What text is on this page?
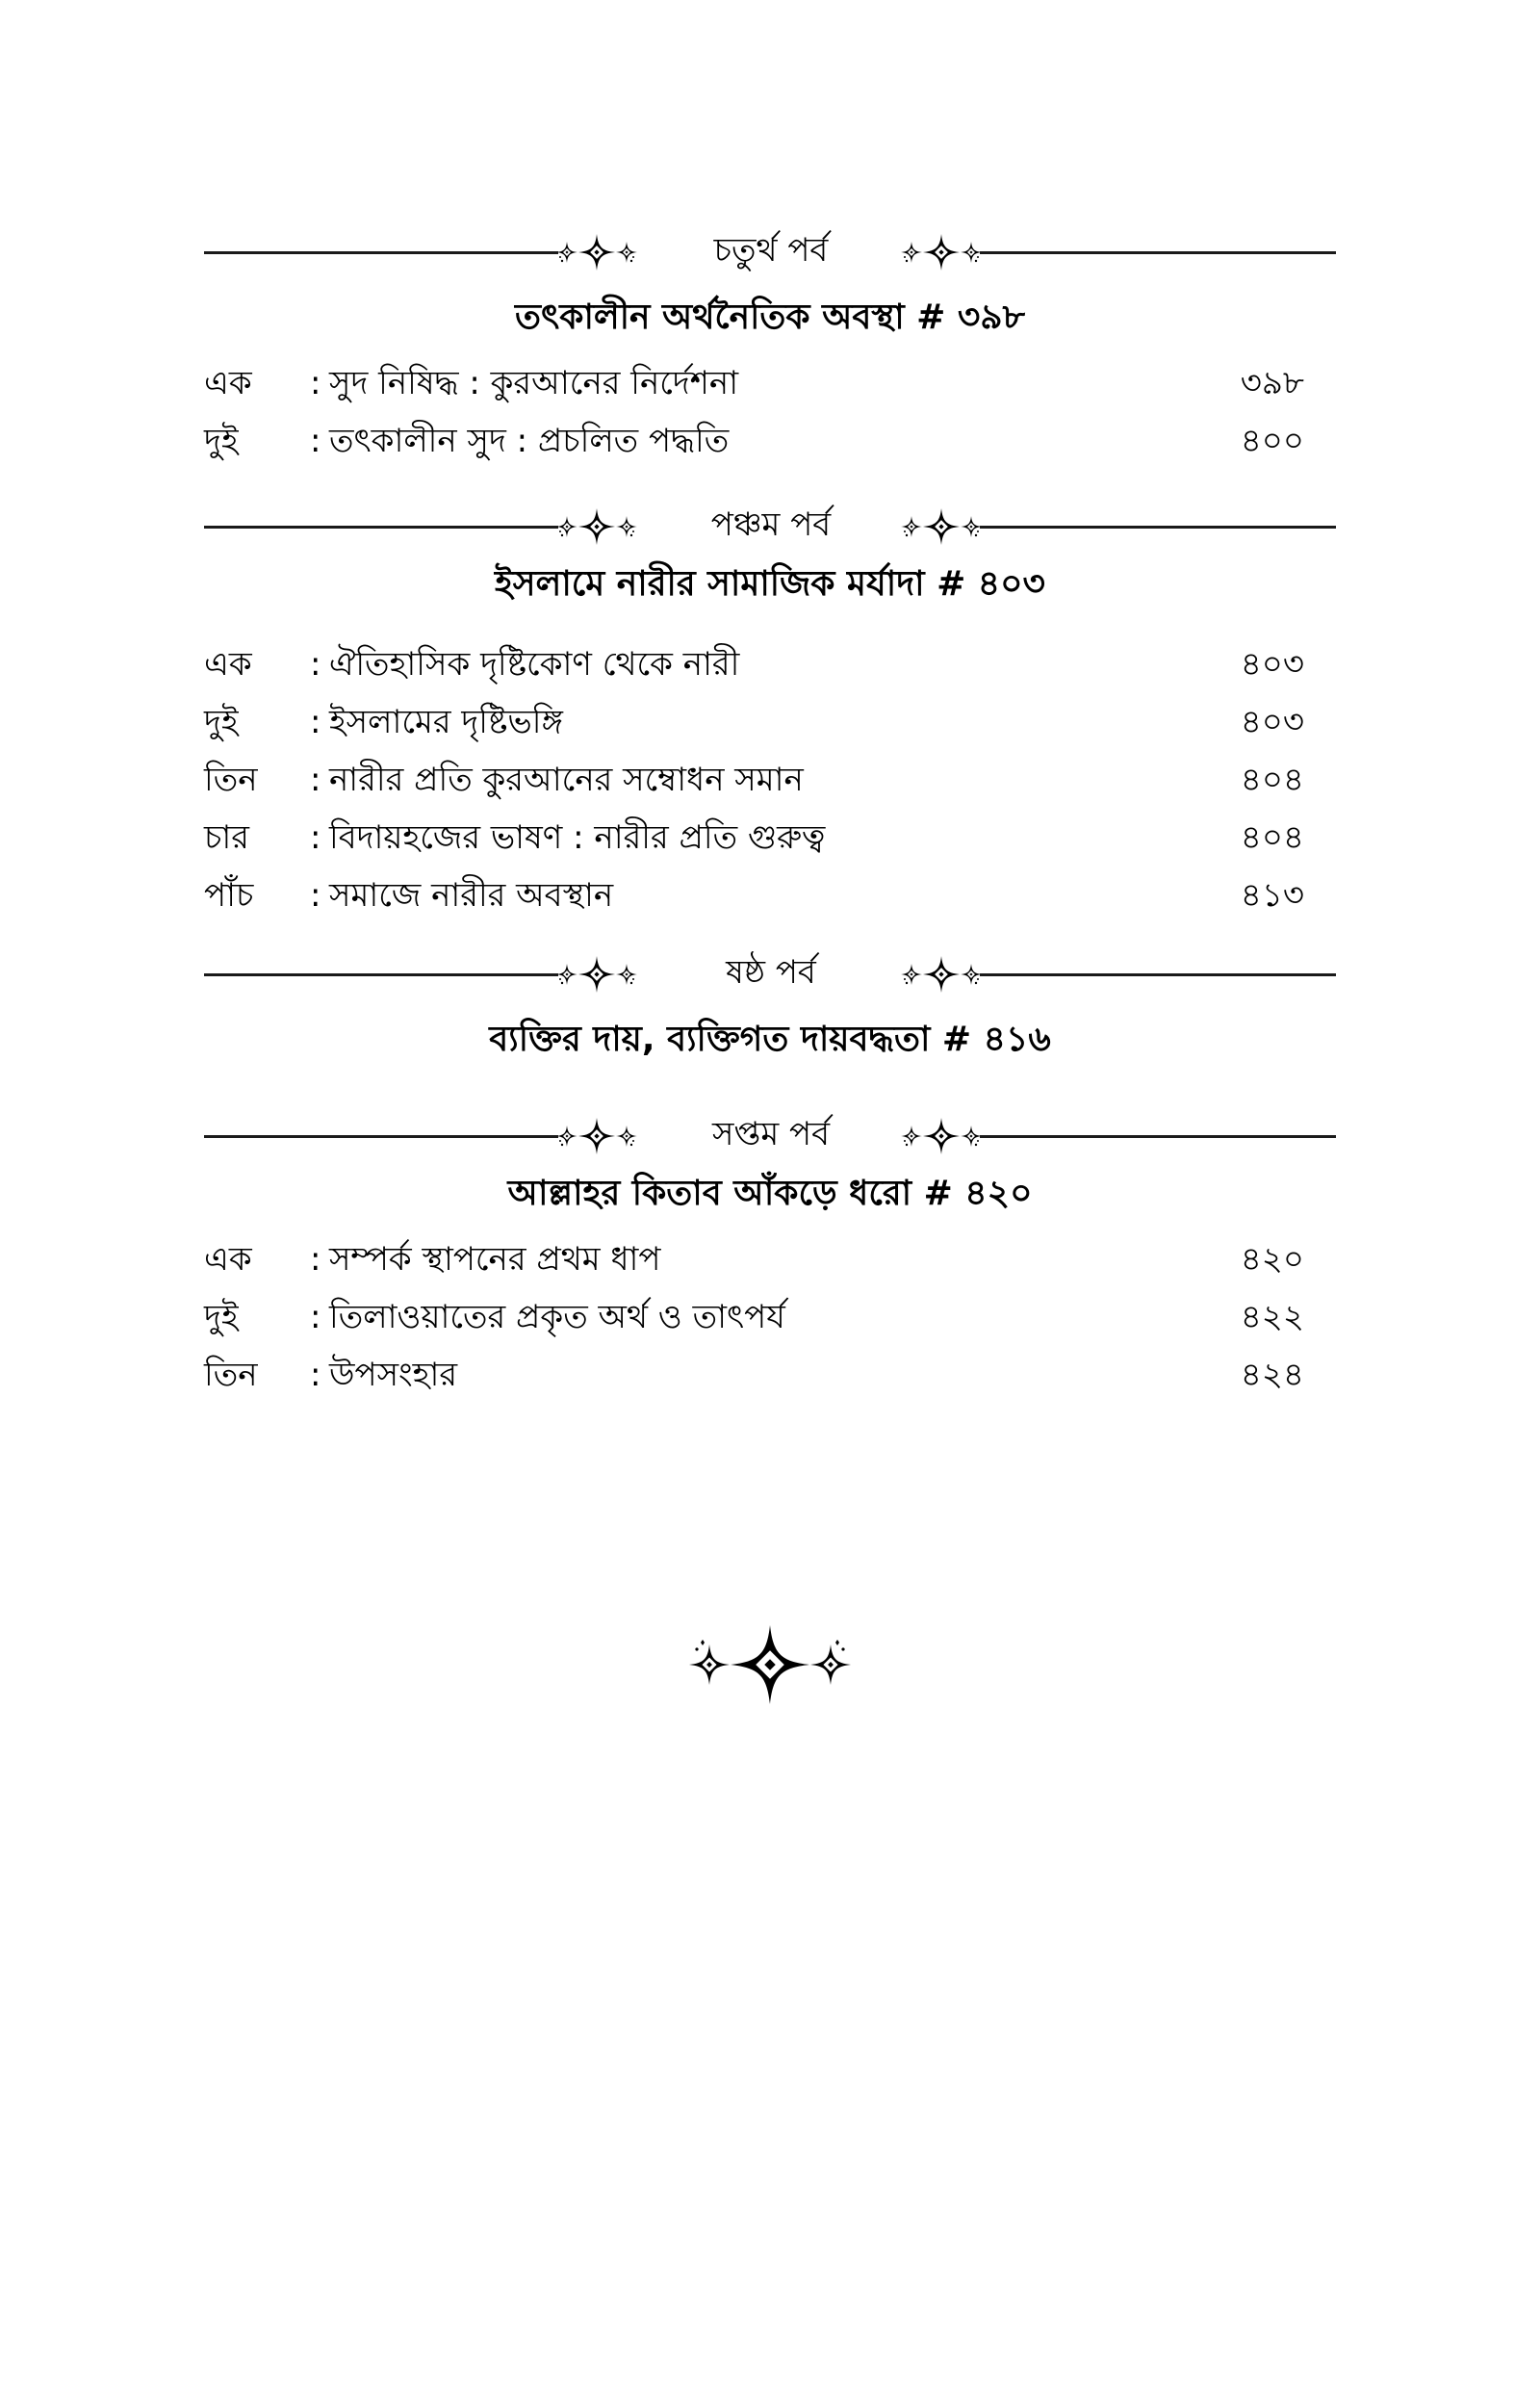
চতুর্থ পর্ব
তৎকালীন অর্থনৈতিক অবস্থা # ৩৯৮
এক : সুদ নিষিদ্ধ : কুরআনের নির্দেশনা	৩৯৮
দুই : তৎকালীন সুদ : প্রচলিত পদ্ধতি	৪০০
পঞ্চম পর্ব
ইসলামে নারীর সামাজিক মর্যাদা # ৪০৩
এক : ঐতিহাসিক দৃষ্টিকোণ থেকে নারী	৪০৩
দুই : ইসলামের দৃষ্টিভঙ্গি	৪০৩
তিন : নারীর প্রতি কুরআনের সম্বোধন সমান	৪০৪
চার : বিদায়হজের ভাষণ : নারীর প্রতি গুরুত্ব	৪০৪
পাঁচ : সমাজে নারীর অবস্থান	৪১৩
ষষ্ঠ পর্ব
ব্যক্তির দায়, ব্যক্তিগত দায়বদ্ধতা # ৪১৬
সপ্তম পর্ব
আল্লাহর কিতাব আঁকড়ে ধরো # ৪২০
এক : সম্পর্ক স্থাপনের প্রথম ধাপ	৪২০
দুই : তিলাওয়াতের প্রকৃত অর্থ ও তাৎপর্য	৪২২
তিন : উপসংহার	৪২৪
